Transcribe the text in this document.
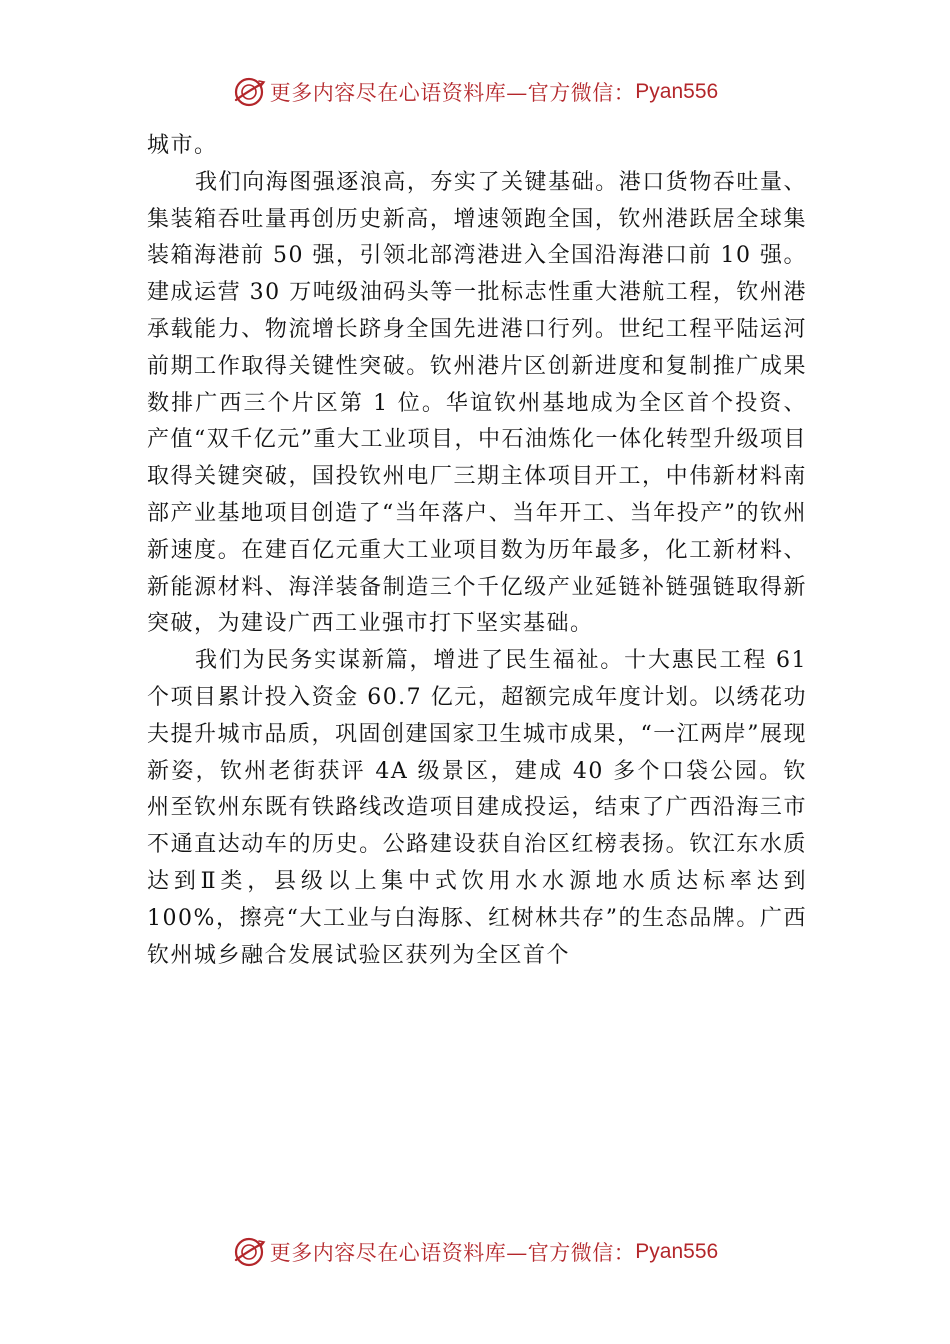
更多内容尽在心语资料库—官方微信： Pyan556

城市。

我们向海图强逐浪高，夯实了关键基础。港口货物吞吐量、集装箱吞吐量再创历史新高，增速领跑全国，钦州港跃居全球集装箱海港前 50 强，引领北部湾港进入全国沿海港口前 10 强。建成运营 30 万吨级油码头等一批标志性重大港航工程，钦州港承载能力、物流增长跻身全国先进港口行列。世纪工程平陆运河前期工作取得关键性突破。钦州港片区创新进度和复制推广成果数排广西三个片区第 1 位。华谊钦州基地成为全区首个投资、产值“双千亿元”重大工业项目，中石油炼化一体化转型升级项目取得关键突破，国投钦州电厂三期主体项目开工，中伟新材料南部产业基地项目创造了“当年落户、当年开工、当年投产”的钦州新速度。在建百亿元重大工业项目数为历年最多，化工新材料、新能源材料、海洋装备制造三个千亿级产业延链补链强链取得新突破，为建设广西工业强市打下坚实基础。

我们为民务实谋新篇，增进了民生福祉。十大惠民工程 61 个项目累计投入资金 60.7 亿元，超额完成年度计划。以绣花功夫提升城市品质，巩固创建国家卫生城市成果，“一江两岸”展现新姿，钦州老街获评 4A 级景区，建成 40 多个口袋公园。钦州至钦州东既有铁路线改造项目建成投运，结束了广西沿海三市不通直达动车的历史。公路建设获自治区红榜表扬。钦江东水质达到Ⅱ类，县级以上集中式饮用水水源地水质达标率达到 100%，擦亮“大工业与白海豚、红树林共存”的生态品牌。广西钦州城乡融合发展试验区获列为全区首个

更多内容尽在心语资料库—官方微信： Pyan556
